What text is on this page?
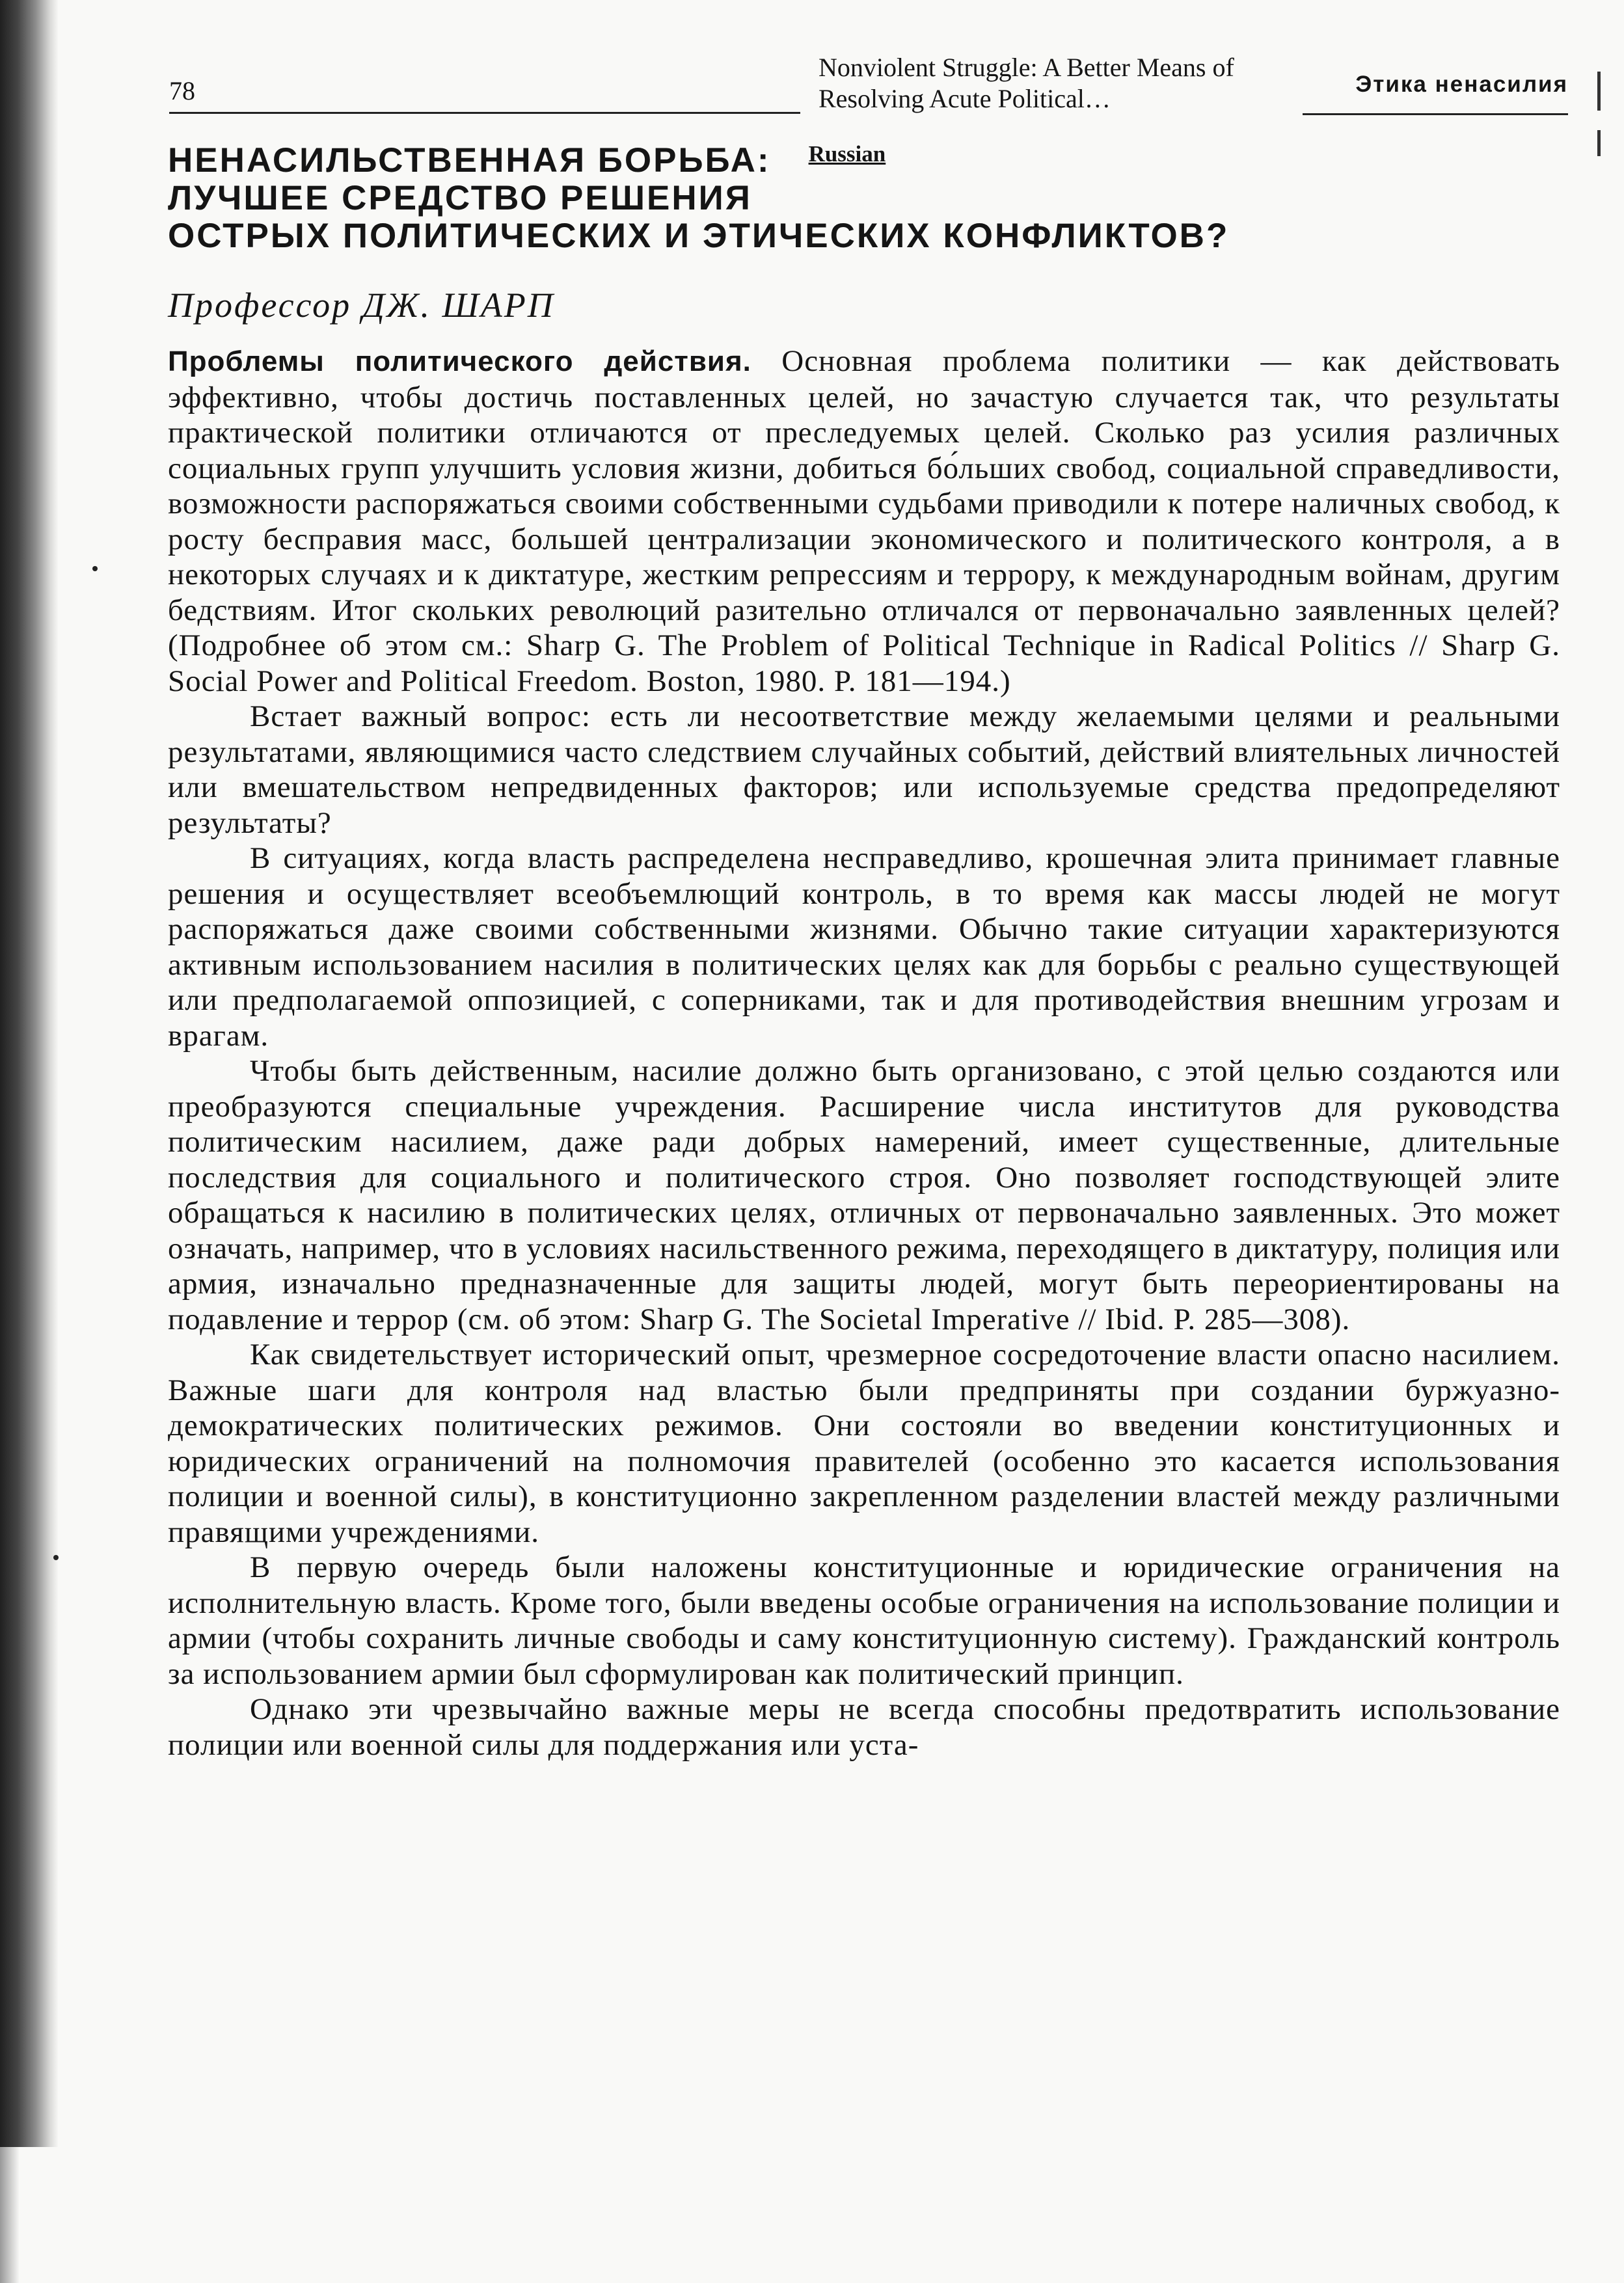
78
Nonviolent Struggle: A Better Means of
Resolving Acute Political…	Этика ненасилия
НЕНАСИЛЬСТВЕННАЯ БОРЬБА: Russian
ЛУЧШЕЕ СРЕДСТВО РЕШЕНИЯ
ОСТРЫХ ПОЛИТИЧЕСКИХ И ЭТИЧЕСКИХ КОНФЛИКТОВ?
Профессор ДЖ. ШАРП

Проблемы политического действия. Основная проблема политики — как действовать эффективно, чтобы достичь поставленных целей, но зачастую случается так, что результаты практической политики отличаются от преследуемых целей. Сколько раз усилия различных социальных групп улучшить условия жизни, добиться бо́льших свобод, социальной справедливости, возможности распоряжаться своими собственными судьбами приводили к потере наличных свобод, к росту бесправия масс, большей централизации экономического и политического контроля, а в некоторых случаях и к диктатуре, жестким репрессиям и террору, к международным войнам, другим бедствиям. Итог скольких революций разительно отличался от первоначально заявленных целей? (Подробнее об этом см.: Sharp G. The Problem of Political Technique in Radical Politics // Sharp G. Social Power and Political Freedom. Boston, 1980. P. 181—194.)

Встает важный вопрос: есть ли несоответствие между желаемыми целями и реальными результатами, являющимися часто следствием случайных событий, действий влиятельных личностей или вмешательством непредвиденных факторов; или используемые средства предопределяют результаты?

В ситуациях, когда власть распределена несправедливо, крошечная элита принимает главные решения и осуществляет всеобъемлющий контроль, в то время как массы людей не могут распоряжаться даже своими собственными жизнями. Обычно такие ситуации характеризуются активным использованием насилия в политических целях как для борьбы с реально существующей или предполагаемой оппозицией, с соперниками, так и для противодействия внешним угрозам и врагам.

Чтобы быть действенным, насилие должно быть организовано, с этой целью создаются или преобразуются специальные учреждения. Расширение числа институтов для руководства политическим насилием, даже ради добрых намерений, имеет существенные, длительные последствия для социального и политического строя. Оно позволяет господствующей элите обращаться к насилию в политических целях, отличных от первоначально заявленных. Это может означать, например, что в условиях насильственного режима, переходящего в диктатуру, полиция или армия, изначально предназначенные для защиты людей, могут быть переориентированы на подавление и террор (см. об этом: Sharp G. The Societal Imperative // Ibid. P. 285—308).

Как свидетельствует исторический опыт, чрезмерное сосредоточение власти опасно насилием. Важные шаги для контроля над властью были предприняты при создании буржуазно-демократических политических режимов. Они состояли во введении конституционных и юридических ограничений на полномочия правителей (особенно это касается использования полиции и военной силы), в конституционно закрепленном разделении властей между различными правящими учреждениями.

В первую очередь были наложены конституционные и юридические ограничения на исполнительную власть. Кроме того, были введены особые ограничения на использование полиции и армии (чтобы сохранить личные свободы и саму конституционную систему). Гражданский контроль за использованием армии был сформулирован как политический принцип.

Однако эти чрезвычайно важные меры не всегда способны предотвратить использование полиции или военной силы для поддержания или уста-
